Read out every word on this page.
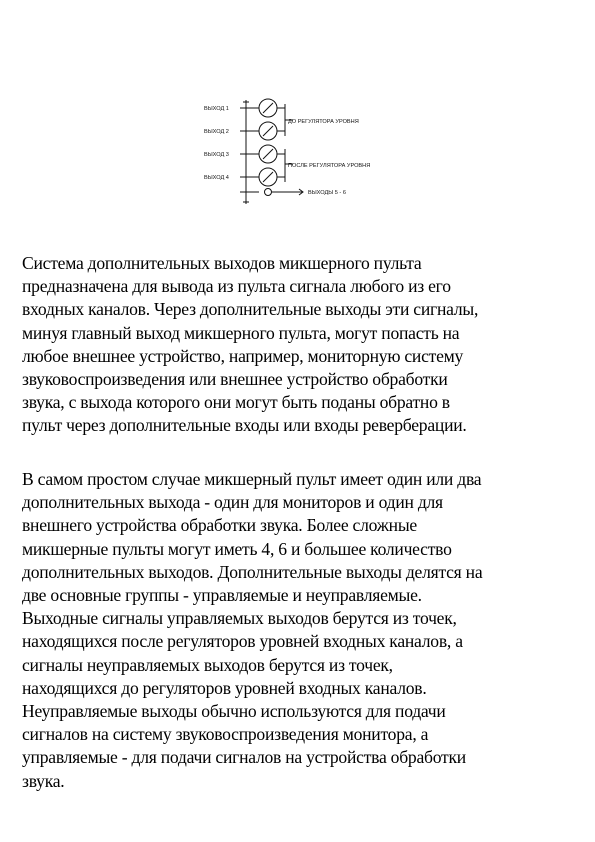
ВЫХОД 1
ВЫХОД 2
ВЫХОД 3
ВЫХОД 4
ДО РЕГУЛЯТОРА УРОВНЯ
ПОСЛЕ РЕГУЛЯТОРА УРОВНЯ
ВЫХОДЫ 5 - 6

Система дополнительных выходов микшерного пульта
предназначена для вывода из пульта сигнала любого из его
входных каналов. Через дополнительные выходы эти сигналы,
минуя главный выход микшерного пульта, могут попасть на
любое внешнее устройство, например, мониторную систему
звуковоспроизведения или внешнее устройство обработки
звука, с выхода которого они могут быть поданы обратно в
пульт через дополнительные входы или входы реверберации.

В самом простом случае микшерный пульт имеет один или два
дополнительных выхода - один для мониторов и один для
внешнего устройства обработки звука. Более сложные
микшерные пульты могут иметь 4, 6 и большее количество
дополнительных выходов. Дополнительные выходы делятся на
две основные группы - управляемые и неуправляемые.
Выходные сигналы управляемых выходов берутся из точек,
находящихся после регуляторов уровней входных каналов, а
сигналы неуправляемых выходов берутся из точек,
находящихся до регуляторов уровней входных каналов.
Неуправляемые выходы обычно используются для подачи
сигналов на систему звуковоспроизведения монитора, а
управляемые - для подачи сигналов на устройства обработки
звука.
